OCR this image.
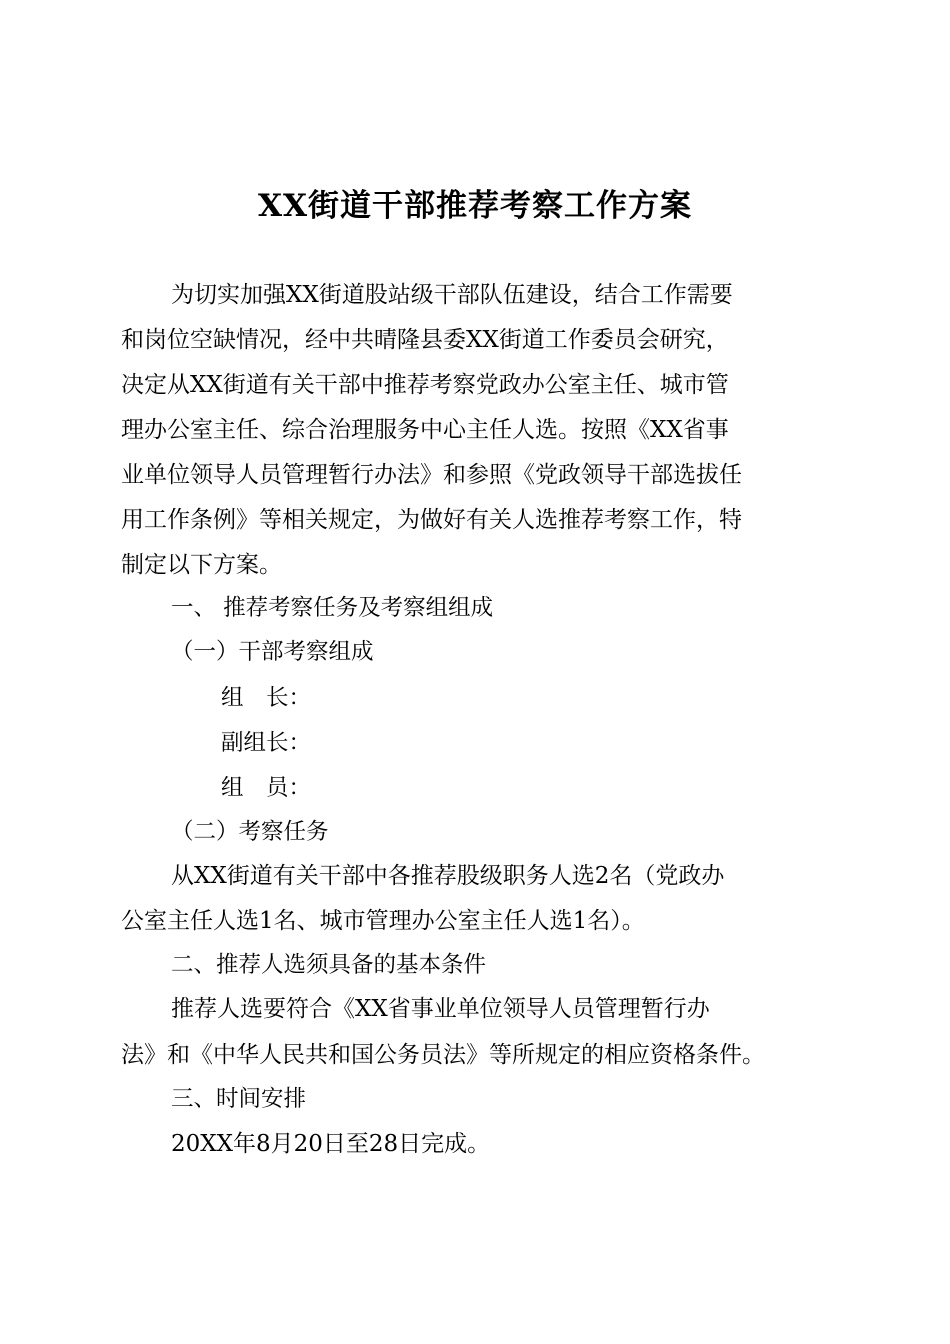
XX街道干部推荐考察工作方案
为切实加强XX街道股站级干部队伍建设，结合工作需要
和岗位空缺情况，经中共晴隆县委XX街道工作委员会研究，
决定从XX街道有关干部中推荐考察党政办公室主任、城市管
理办公室主任、综合治理服务中心主任人选。按照《XX省事
业单位领导人员管理暂行办法》和参照《党政领导干部选拔任
用工作条例》等相关规定，为做好有关人选推荐考察工作，特
制定以下方案。
一、 推荐考察任务及考察组组成
（一）干部考察组成
组　长：
副组长：
组　员：
（二）考察任务
从XX街道有关干部中各推荐股级职务人选2名（党政办
公室主任人选1名、城市管理办公室主任人选1名）。
二、推荐人选须具备的基本条件
推荐人选要符合《XX省事业单位领导人员管理暂行办
法》和《中华人民共和国公务员法》等所规定的相应资格条件。
三、时间安排
20XX年8月20日至28日完成。
